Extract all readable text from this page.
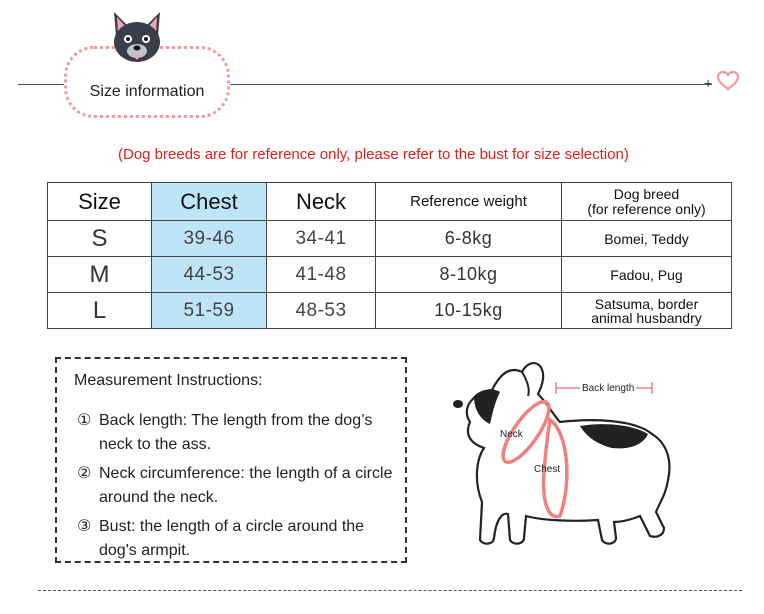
+
Size information
(Dog breeds are for reference only, please refer to the bust for size selection)
Size	Chest	Neck	Reference weight	Dog breed
(for reference only)

S	39-46	34-41	6-8kg	Bomei, Teddy

M	44-53	41-48	8-10kg	Fadou, Pug

L	51-59	48-53	10-15kg	Satsuma, border
animal husbandry
Measurement Instructions:
① Back length: The length from the dog’s neck to the ass.
② Neck circumference: the length of a circle around the neck.
③ Bust: the length of a circle around the dog's armpit.
Back length
Neck
Chest
